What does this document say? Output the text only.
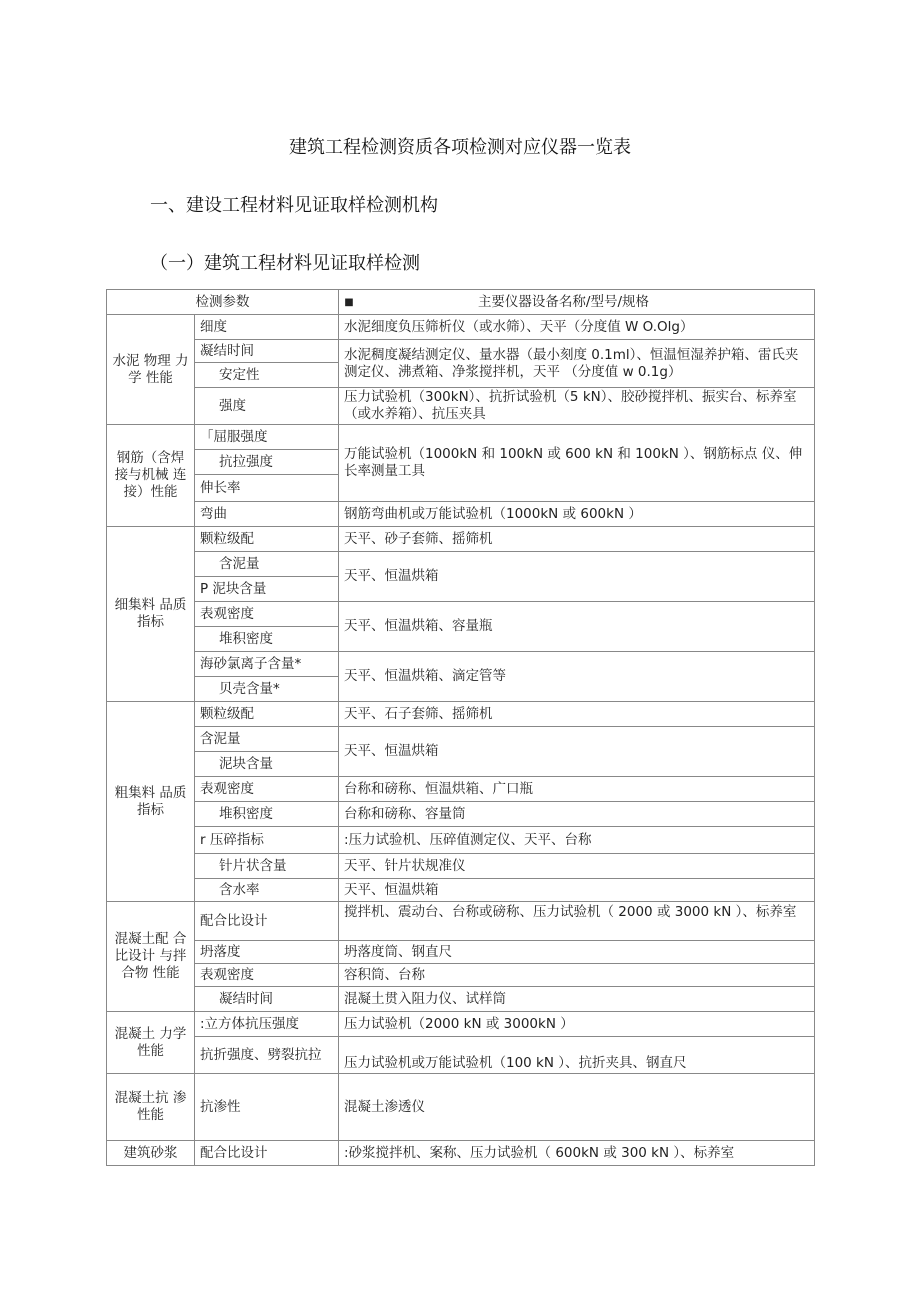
建筑工程检测资质各项检测对应仪器一览表
一、建设工程材料见证取样检测机构
（一）建筑工程材料见证取样检测
检测参数		■ 主要仪器设备名称/型号/规格

水泥 物理 力学 性能	细度	水泥细度负压筛析仪（或水筛）、天平（分度值 W O.Olg）
	凝结时间	水泥稠度凝结测定仪、量水器（最小刻度 0.1ml）、恒温恒湿养护箱、雷氏夹测定仪、沸煮箱、净浆搅拌机，天平 （分度值 w 0.1g）
	安定性	
	强度	压力试验机（300kN）、抗折试验机（5 kN）、胶砂搅拌机、振实台、标养室（或水养箱）、抗压夹具
钢筋（含焊 接与机械 连接）性能	「屈服强度	万能试验机（1000kN 和 100kN 或 600 kN 和 100kN ）、钢筋标点 仪、伸长率测量工具
	抗拉强度	
	伸长率	
	弯曲	钢筋弯曲机或万能试验机（1000kN 或 600kN ）
细集料 品质 指标	颗粒级配	天平、砂子套筛、摇筛机
	含泥量	天平、恒温烘箱
	P 泥块含量	
	表观密度	天平、恒温烘箱、容量瓶
	堆积密度	
	海砂氯离子含量*	天平、恒温烘箱、滴定管等
	贝壳含量*	
粗集料 品质 指标	颗粒级配	天平、石子套筛、摇筛机
	含泥量	天平、恒温烘箱
	泥块含量	
	表观密度	台称和磅称、恒温烘箱、广口瓶
	堆积密度	台称和磅称、容量筒
	r 压碎指标	:压力试验机、压碎值测定仪、天平、台称
	针片状含量	天平、针片状规准仪
	含水率	天平、恒温烘箱
混凝土配 合 比设计 与拌 合物 性能	配合比设计	搅拌机、震动台、台称或磅称、压力试验机（ 2000 或 3000 kN ）、标养室

	坍落度	坍落度筒、钢直尺
	表观密度	容积筒、台称
	凝结时间	混凝土贯入阻力仪、试样筒
混凝土 力学 性能	:立方体抗压强度	压力试验机（2000 kN 或 3000kN ）
	抗折强度、劈裂抗拉	压力试验机或万能试验机（100 kN ）、抗折夹具、钢直尺
混凝土抗 渗 性能	抗渗性	混凝土渗透仪

建筑砂浆	配合比设计	:砂浆搅拌机、案称、压力试验机（ 600kN 或 300 kN ）、标养室
